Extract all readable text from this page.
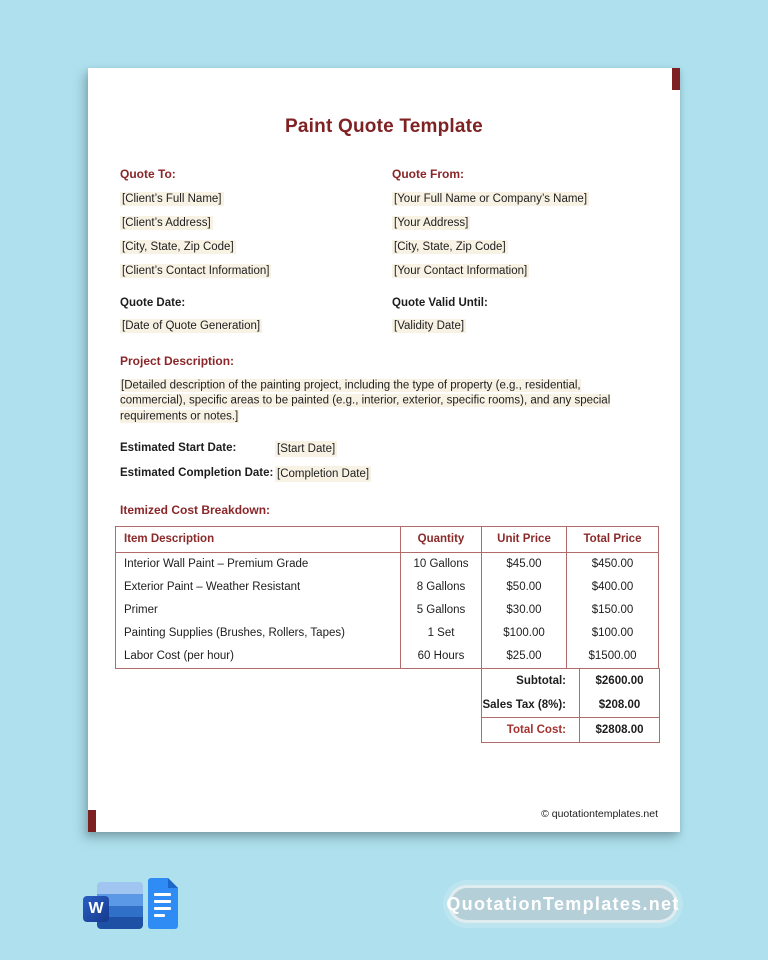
Paint Quote Template
Quote To:
[Client’s Full Name]
[Client’s Address]
[City, State, Zip Code]
[Client’s Contact Information]
Quote From:
[Your Full Name or Company’s Name]
[Your Address]
[City, State, Zip Code]
[Your Contact Information]
Quote Date:
[Date of Quote Generation]
Quote Valid Until:
[Validity Date]
Project Description:

[Detailed description of the painting project, including the type of property (e.g., residential, commercial), specific areas to be painted (e.g., interior, exterior, specific rooms), and any special requirements or notes.]

Estimated Start Date:	[Start Date]
Estimated Completion Date: [Completion Date]
Itemized Cost Breakdown:
Item Description	Quantity	Unit Price	Total Price
Interior Wall Paint – Premium Grade	10 Gallons	$45.00	$450.00
Exterior Paint – Weather Resistant	8 Gallons	$50.00	$400.00
Primer	5 Gallons	$30.00	$150.00
Painting Supplies (Brushes, Rollers, Tapes)	1 Set	$100.00	$100.00
Labor Cost (per hour)	60 Hours	$25.00	$1500.00
Subtotal:	$2600.00
Sales Tax (8%):	$208.00
Total Cost:	$2808.00
© quotationtemplates.net
W	QuotationTemplates.net
